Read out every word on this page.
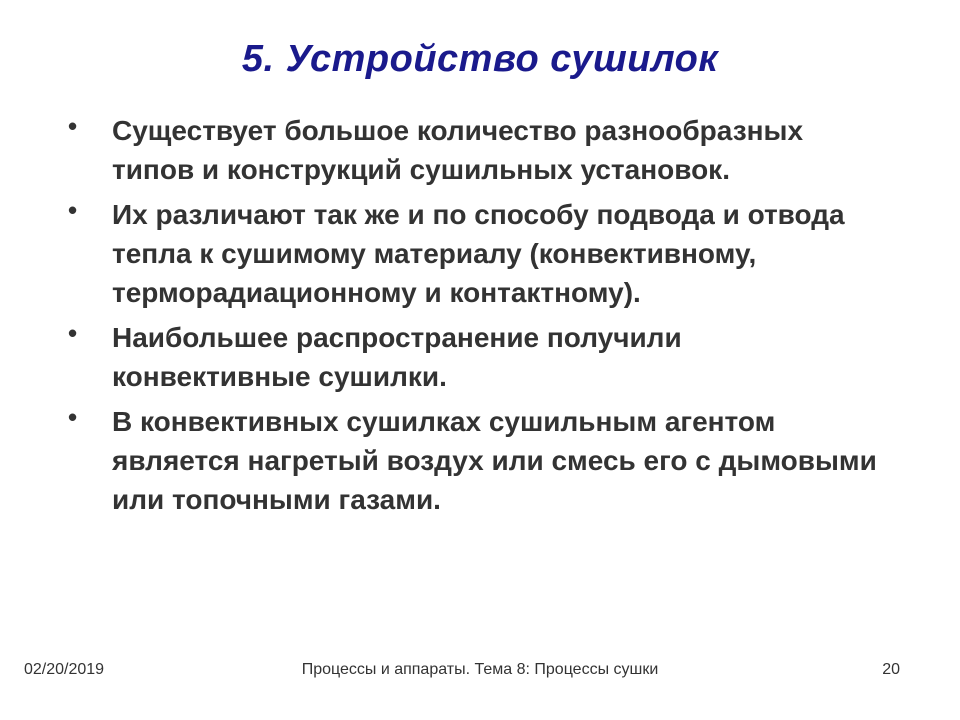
5. Устройство сушилок
• Существует большое количество разнообразных типов и конструкций сушильных установок.
• Их различают так же и по способу подвода и отвода тепла к сушимому материалу (конвективному, терморадиационному и контактному).
• Наибольшее распространение получили конвективные сушилки.
• В конвективных сушилках сушильным агентом является нагретый воздух или смесь его с дымовыми или топочными газами.
02/20/2019	Процессы и аппараты. Тема 8: Процессы сушки	20
